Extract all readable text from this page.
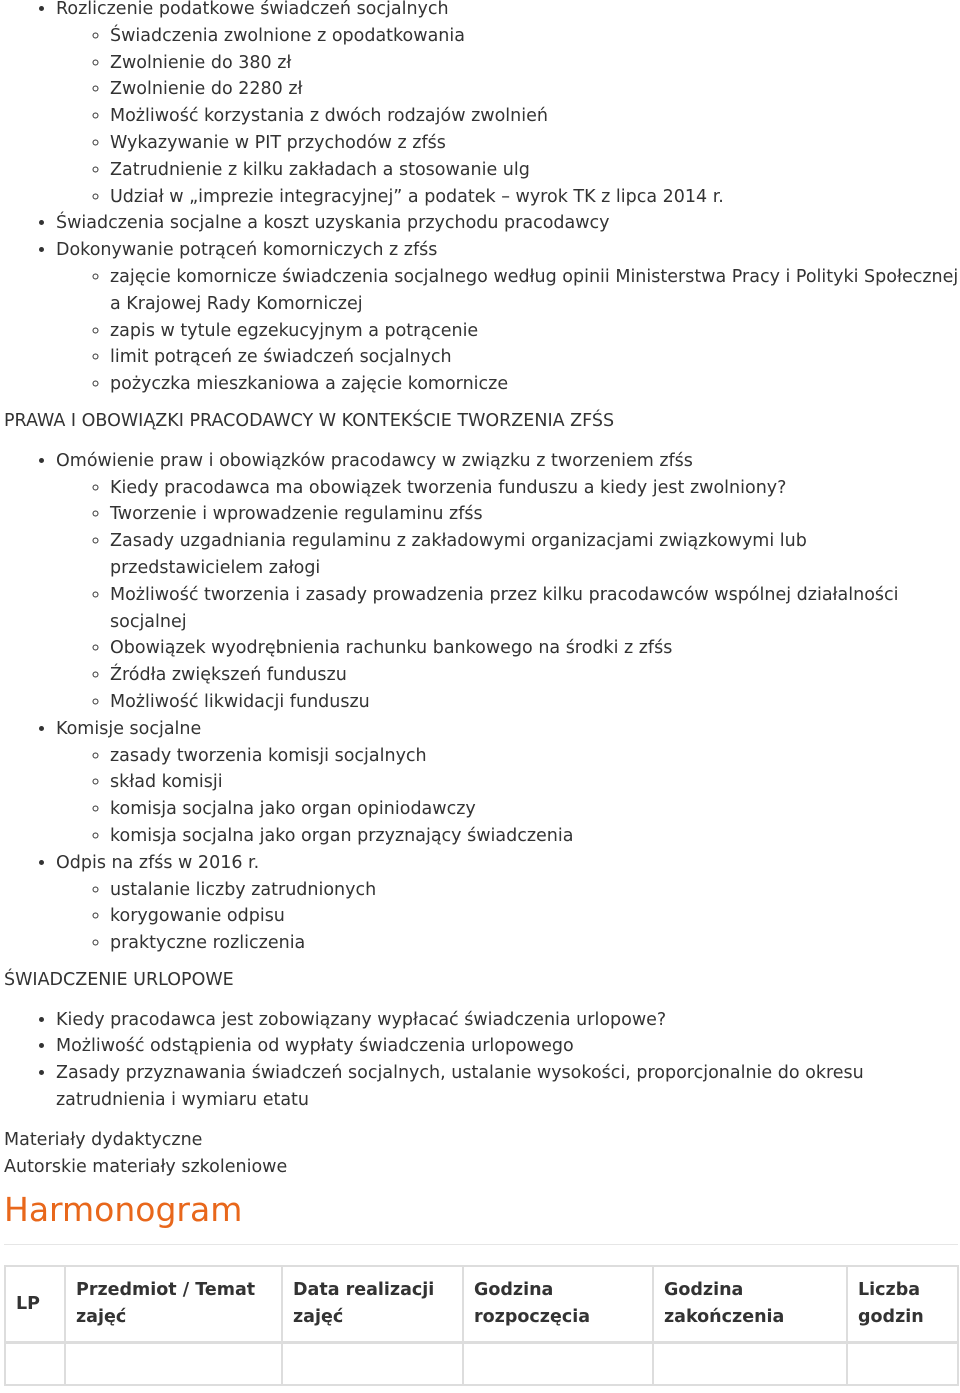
• Rozliczenie podatkowe świadczeń socjalnych
◦ Świadczenia zwolnione z opodatkowania
◦ Zwolnienie do 380 zł
◦ Zwolnienie do 2280 zł
◦ Możliwość korzystania z dwóch rodzajów zwolnień
◦ Wykazywanie w PIT przychodów z zfśs
◦ Zatrudnienie z kilku zakładach a stosowanie ulg
◦ Udział w „imprezie integracyjnej” a podatek – wyrok TK z lipca 2014 r.
• Świadczenia socjalne a koszt uzyskania przychodu pracodawcy
• Dokonywanie potrąceń komorniczych z zfśs
◦ zajęcie komornicze świadczenia socjalnego według opinii Ministerstwa Pracy i Polityki Społecznej a Krajowej Rady Komorniczej
◦ zapis w tytule egzekucyjnym a potrącenie
◦ limit potrąceń ze świadczeń socjalnych
◦ pożyczka mieszkaniowa a zajęcie komornicze

PRAWA I OBOWIĄZKI PRACODAWCY W KONTEKŚCIE TWORZENIA ZFŚS

• Omówienie praw i obowiązków pracodawcy w związku z tworzeniem zfśs
◦ Kiedy pracodawca ma obowiązek tworzenia funduszu a kiedy jest zwolniony?
◦ Tworzenie i wprowadzenie regulaminu zfśs
◦ Zasady uzgadniania regulaminu z zakładowymi organizacjami związkowymi lub przedstawicielem załogi
◦ Możliwość tworzenia i zasady prowadzenia przez kilku pracodawców wspólnej działalności socjalnej
◦ Obowiązek wyodrębnienia rachunku bankowego na środki z zfśs
◦ Źródła zwiększeń funduszu
◦ Możliwość likwidacji funduszu
• Komisje socjalne
◦ zasady tworzenia komisji socjalnych
◦ skład komisji
◦ komisja socjalna jako organ opiniodawczy
◦ komisja socjalna jako organ przyznający świadczenia
• Odpis na zfśs w 2016 r.
◦ ustalanie liczby zatrudnionych
◦ korygowanie odpisu
◦ praktyczne rozliczenia

ŚWIADCZENIE URLOPOWE

• Kiedy pracodawca jest zobowiązany wypłacać świadczenia urlopowe?
• Możliwość odstąpienia od wypłaty świadczenia urlopowego
• Zasady przyznawania świadczeń socjalnych, ustalanie wysokości, proporcjonalnie do okresu zatrudnienia i wymiaru etatu

Materiały dydaktyczne

Autorskie materiały szkoleniowe

Harmonogram
LP	Przedmiot / Temat zajęć	Data realizacji zajęć	Godzina rozpoczęcia	Godzina zakończenia	Liczba godzin
